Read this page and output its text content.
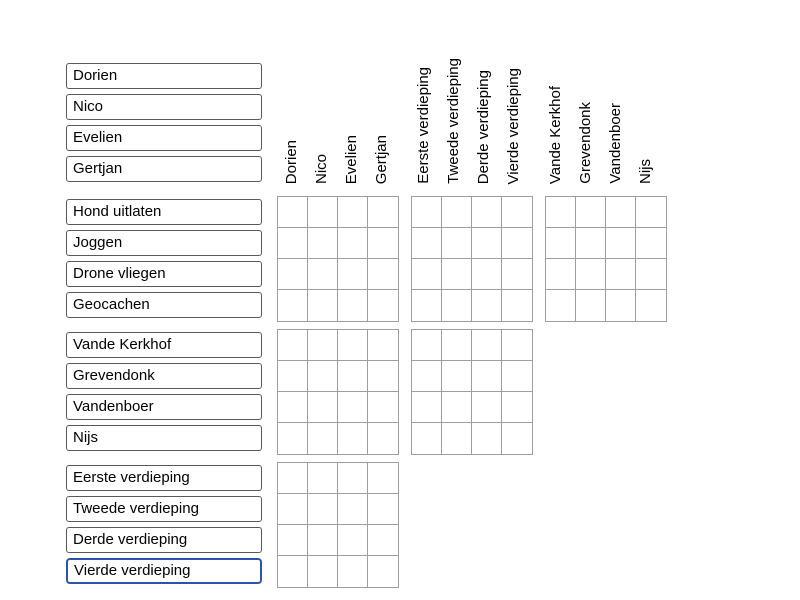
Dorien
Nico
Evelien
Gertjan
Dorien Nico Evelien Gertjan Eerste verdieping Tweede verdieping Derde verdieping Vierde verdieping Vande Kerkhof Grevendonk Vandenboer Nijs
Hond uitlaten
Joggen
Drone vliegen
Geocachen
Vande Kerkhof
Grevendonk
Vandenboer
Nijs
Eerste verdieping
Tweede verdieping
Derde verdieping
Vierde verdieping
